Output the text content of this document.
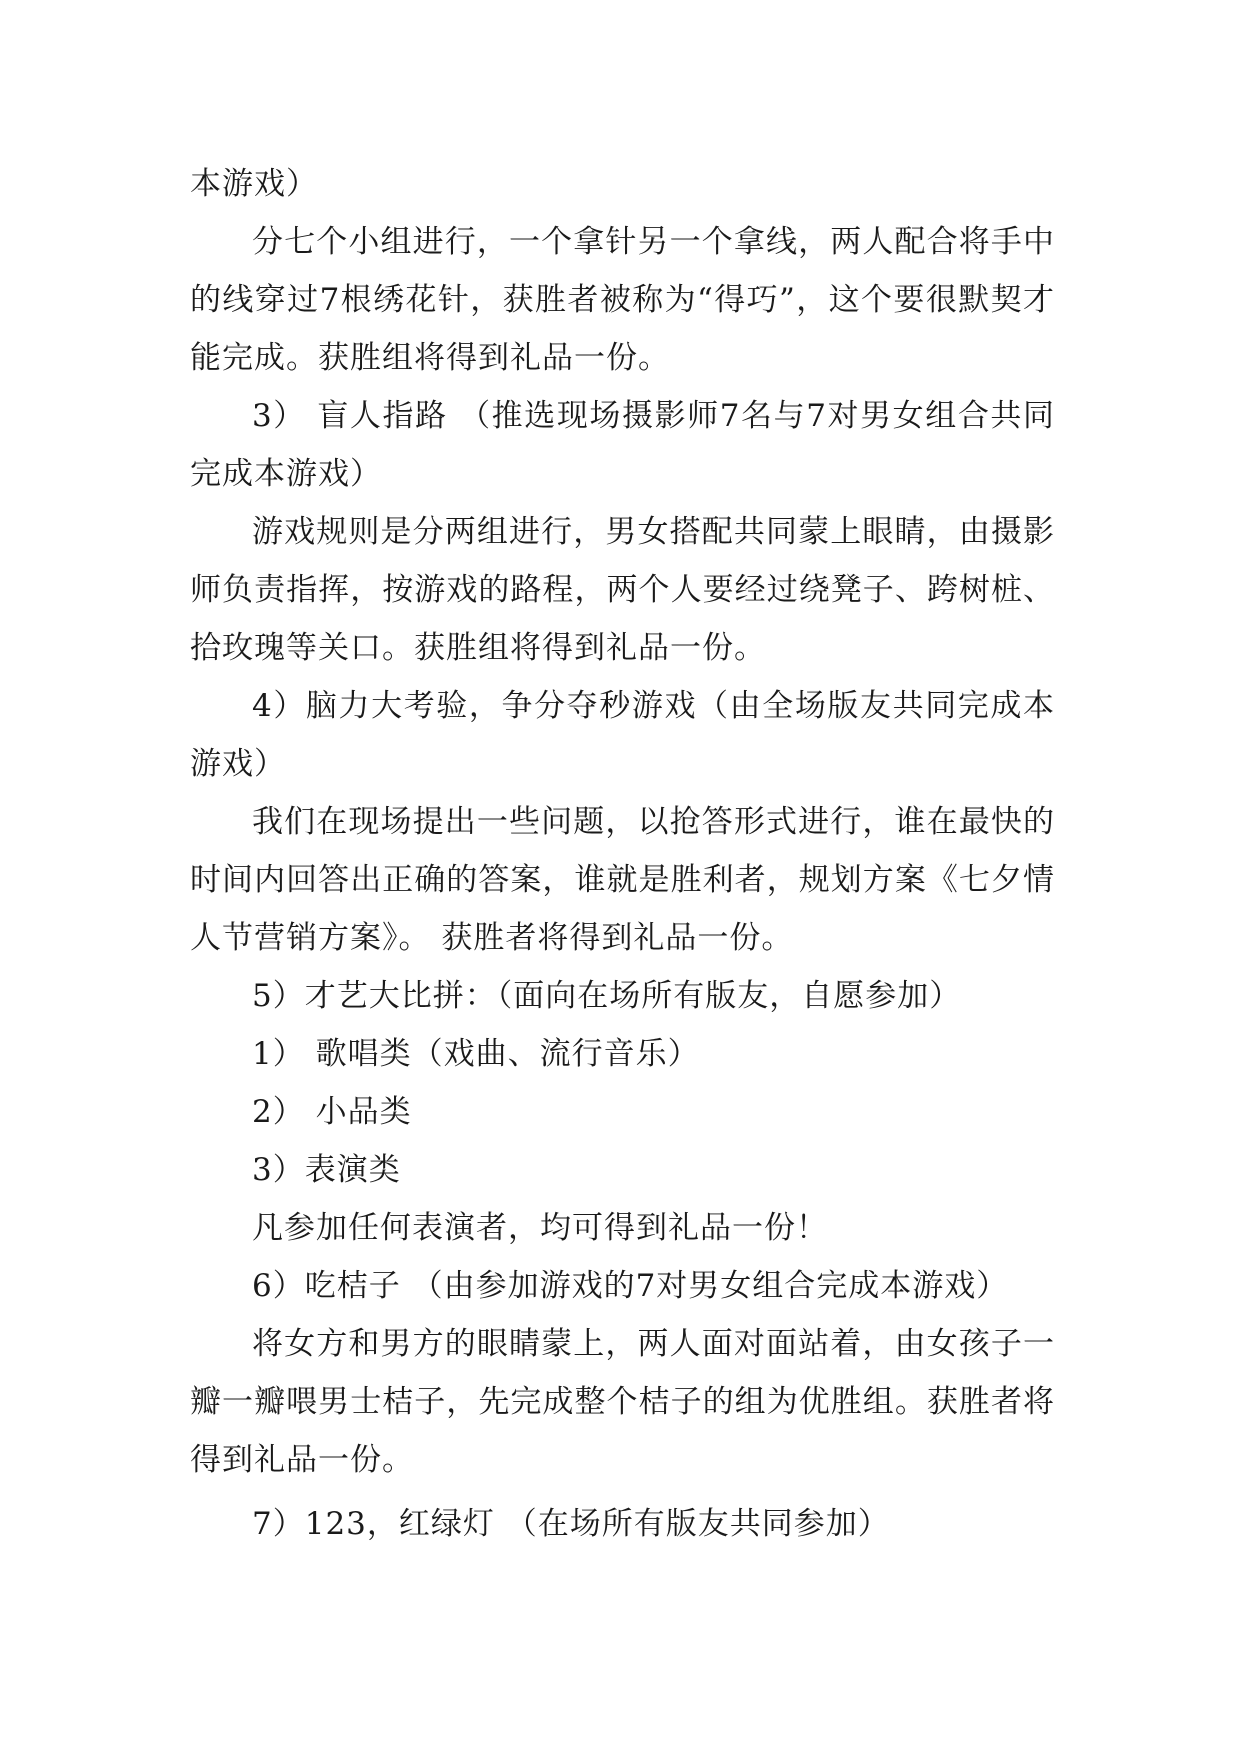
本游戏）

分七个小组进行，一个拿针另一个拿线，两人配合将手中的线穿过7根绣花针，获胜者被称为“得巧”，这个要很默契才能完成。获胜组将得到礼品一份。

3） 盲人指路 （推选现场摄影师7名与7对男女组合共同完成本游戏）

游戏规则是分两组进行，男女搭配共同蒙上眼睛，由摄影师负责指挥，按游戏的路程，两个人要经过绕凳子、跨树桩、拾玫瑰等关口。获胜组将得到礼品一份。

4）脑力大考验，争分夺秒游戏（由全场版友共同完成本游戏）

我们在现场提出一些问题，以抢答形式进行，谁在最快的时间内回答出正确的答案，谁就是胜利者，规划方案《七夕情人节营销方案》。 获胜者将得到礼品一份。

5）才艺大比拼：（面向在场所有版友，自愿参加）

1） 歌唱类（戏曲、流行音乐）

2） 小品类

3）表演类

凡参加任何表演者，均可得到礼品一份！

6）吃桔子 （由参加游戏的7对男女组合完成本游戏）

将女方和男方的眼睛蒙上，两人面对面站着，由女孩子一瓣一瓣喂男士桔子，先完成整个桔子的组为优胜组。获胜者将得到礼品一份。

7）123，红绿灯 （在场所有版友共同参加）
